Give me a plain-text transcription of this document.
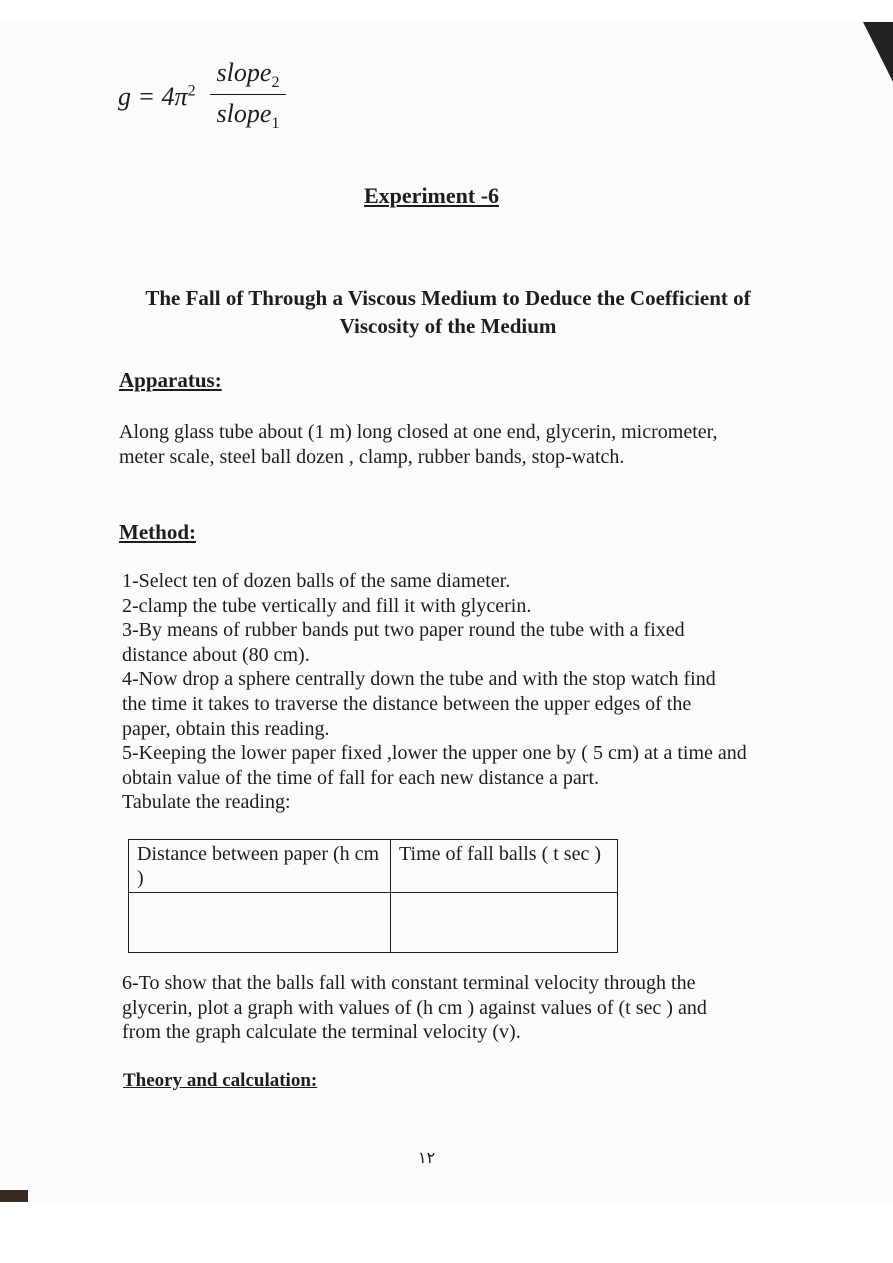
$g = 4\pi^2$
slope$_2$
slope$_1$
Experiment -6
The Fall of Through a Viscous Medium to Deduce the Coefficient of
Viscosity of the Medium
Apparatus:
Along glass tube about (1 m) long closed at one end, glycerin, micrometer, meter scale, steel ball dozen , clamp, rubber bands, stop-watch.
Method:

1-Select ten of dozen balls of the same diameter.

2-clamp the tube vertically and fill it with glycerin.

3-By means of rubber bands put two paper round the tube with a fixed distance about (80 cm).

4-Now drop a sphere centrally down the tube and with the stop watch find the time it takes to traverse the distance between the upper edges of the paper, obtain this reading.

5-Keeping the lower paper fixed ,lower the upper one by ( 5 cm) at a time and obtain value of the time of fall for each new distance a part.

Tabulate the reading:

Distance between paper (h cm )	Time of fall balls ( t sec )

6-To show that the balls fall with constant terminal velocity through the glycerin, plot a graph with values of (h cm ) against values of (t sec ) and from the graph calculate the terminal velocity (v).
Theory and calculation:
١٢
